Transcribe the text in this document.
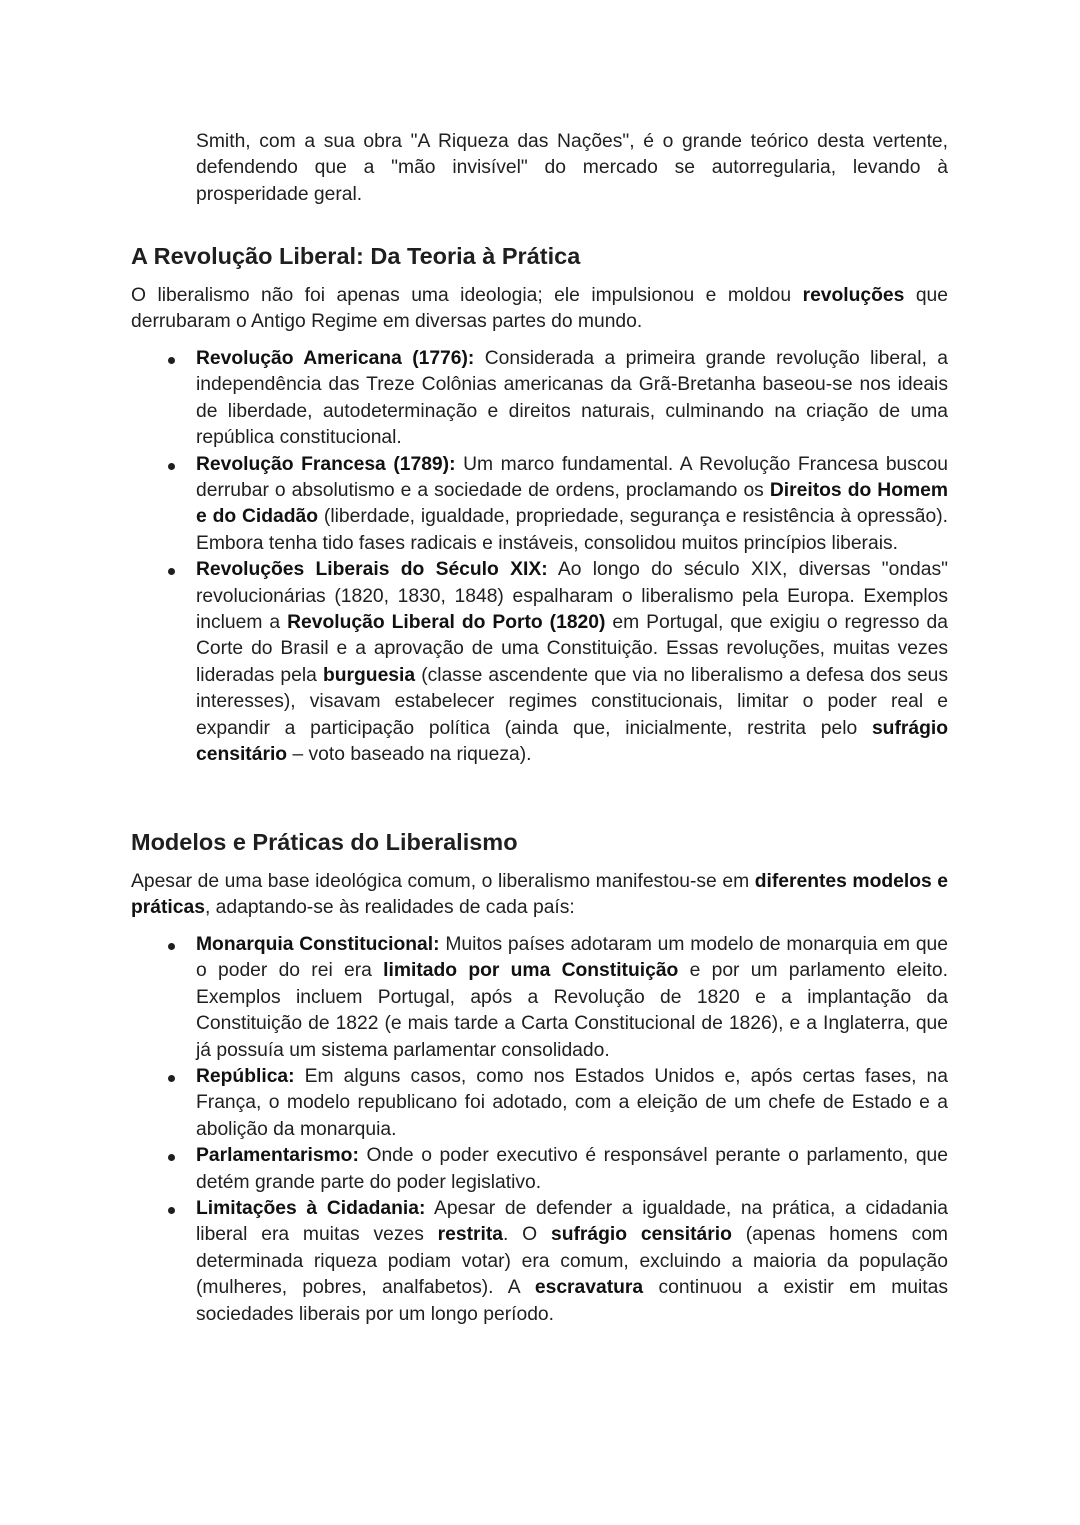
Smith, com a sua obra "A Riqueza das Nações", é o grande teórico desta vertente, defendendo que a "mão invisível" do mercado se autorregularia, levando à prosperidade geral.

A Revolução Liberal: Da Teoria à Prática

O liberalismo não foi apenas uma ideologia; ele impulsionou e moldou revoluções que derrubaram o Antigo Regime em diversas partes do mundo.

Revolução Americana (1776): Considerada a primeira grande revolução liberal, a independência das Treze Colônias americanas da Grã-Bretanha baseou-se nos ideais de liberdade, autodeterminação e direitos naturais, culminando na criação de uma república constitucional.
Revolução Francesa (1789): Um marco fundamental. A Revolução Francesa buscou derrubar o absolutismo e a sociedade de ordens, proclamando os Direitos do Homem e do Cidadão (liberdade, igualdade, propriedade, segurança e resistência à opressão). Embora tenha tido fases radicais e instáveis, consolidou muitos princípios liberais.
Revoluções Liberais do Século XIX: Ao longo do século XIX, diversas "ondas" revolucionárias (1820, 1830, 1848) espalharam o liberalismo pela Europa. Exemplos incluem a Revolução Liberal do Porto (1820) em Portugal, que exigiu o regresso da Corte do Brasil e a aprovação de uma Constituição. Essas revoluções, muitas vezes lideradas pela burguesia (classe ascendente que via no liberalismo a defesa dos seus interesses), visavam estabelecer regimes constitucionais, limitar o poder real e expandir a participação política (ainda que, inicialmente, restrita pelo sufrágio censitário – voto baseado na riqueza).
Modelos e Práticas do Liberalismo

Apesar de uma base ideológica comum, o liberalismo manifestou-se em diferentes modelos e práticas, adaptando-se às realidades de cada país:

Monarquia Constitucional: Muitos países adotaram um modelo de monarquia em que o poder do rei era limitado por uma Constituição e por um parlamento eleito. Exemplos incluem Portugal, após a Revolução de 1820 e a implantação da Constituição de 1822 (e mais tarde a Carta Constitucional de 1826), e a Inglaterra, que já possuía um sistema parlamentar consolidado.
República: Em alguns casos, como nos Estados Unidos e, após certas fases, na França, o modelo republicano foi adotado, com a eleição de um chefe de Estado e a abolição da monarquia.
Parlamentarismo: Onde o poder executivo é responsável perante o parlamento, que detém grande parte do poder legislativo.
Limitações à Cidadania: Apesar de defender a igualdade, na prática, a cidadania liberal era muitas vezes restrita. O sufrágio censitário (apenas homens com determinada riqueza podiam votar) era comum, excluindo a maioria da população (mulheres, pobres, analfabetos). A escravatura continuou a existir em muitas sociedades liberais por um longo período.
